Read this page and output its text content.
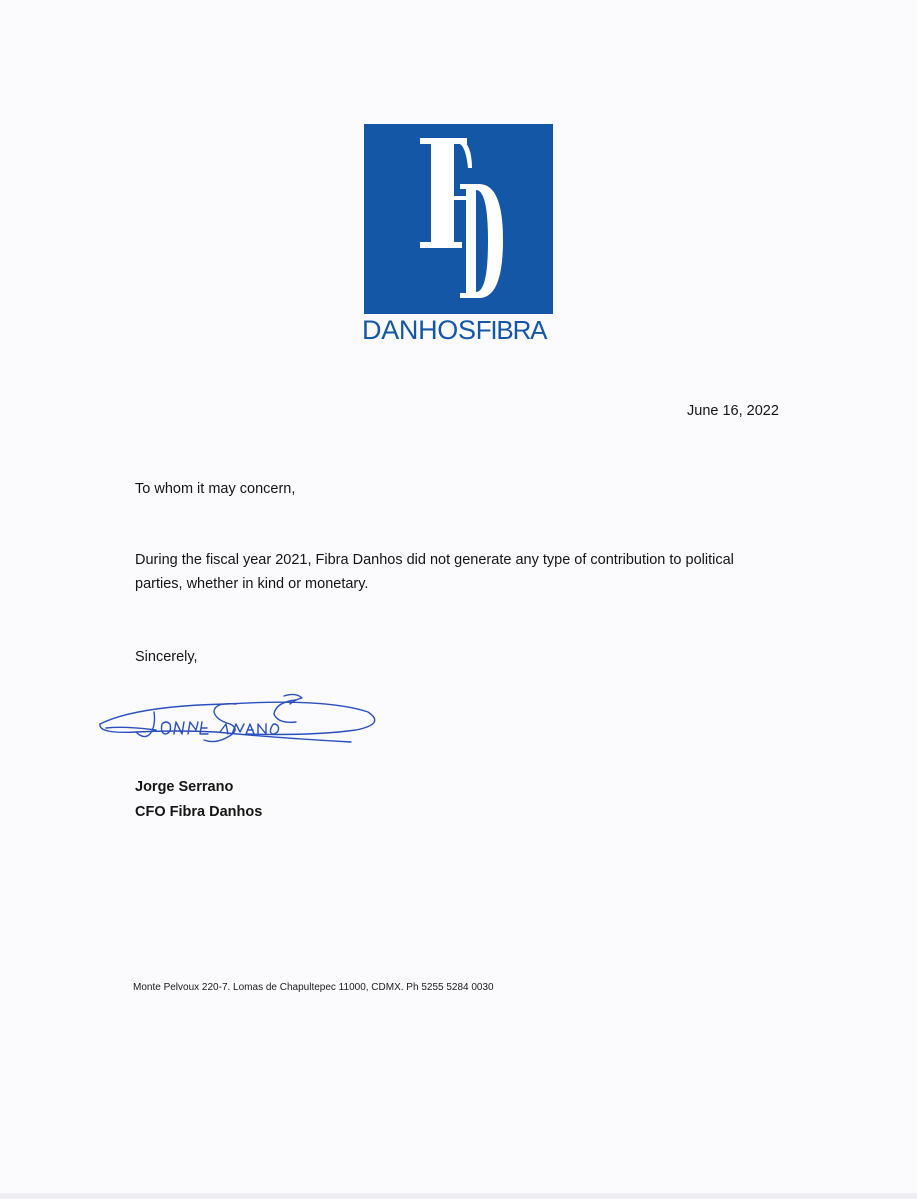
DANHOSFIBRA
June 16, 2022
To whom it may concern,
During the fiscal year 2021, Fibra Danhos did not generate any type of contribution to political
parties, whether in kind or monetary.
Sincerely,
Jorge Serrano
CFO Fibra Danhos
Monte Pelvoux 220-7. Lomas de Chapultepec 11000, CDMX. Ph 5255 5284 0030
